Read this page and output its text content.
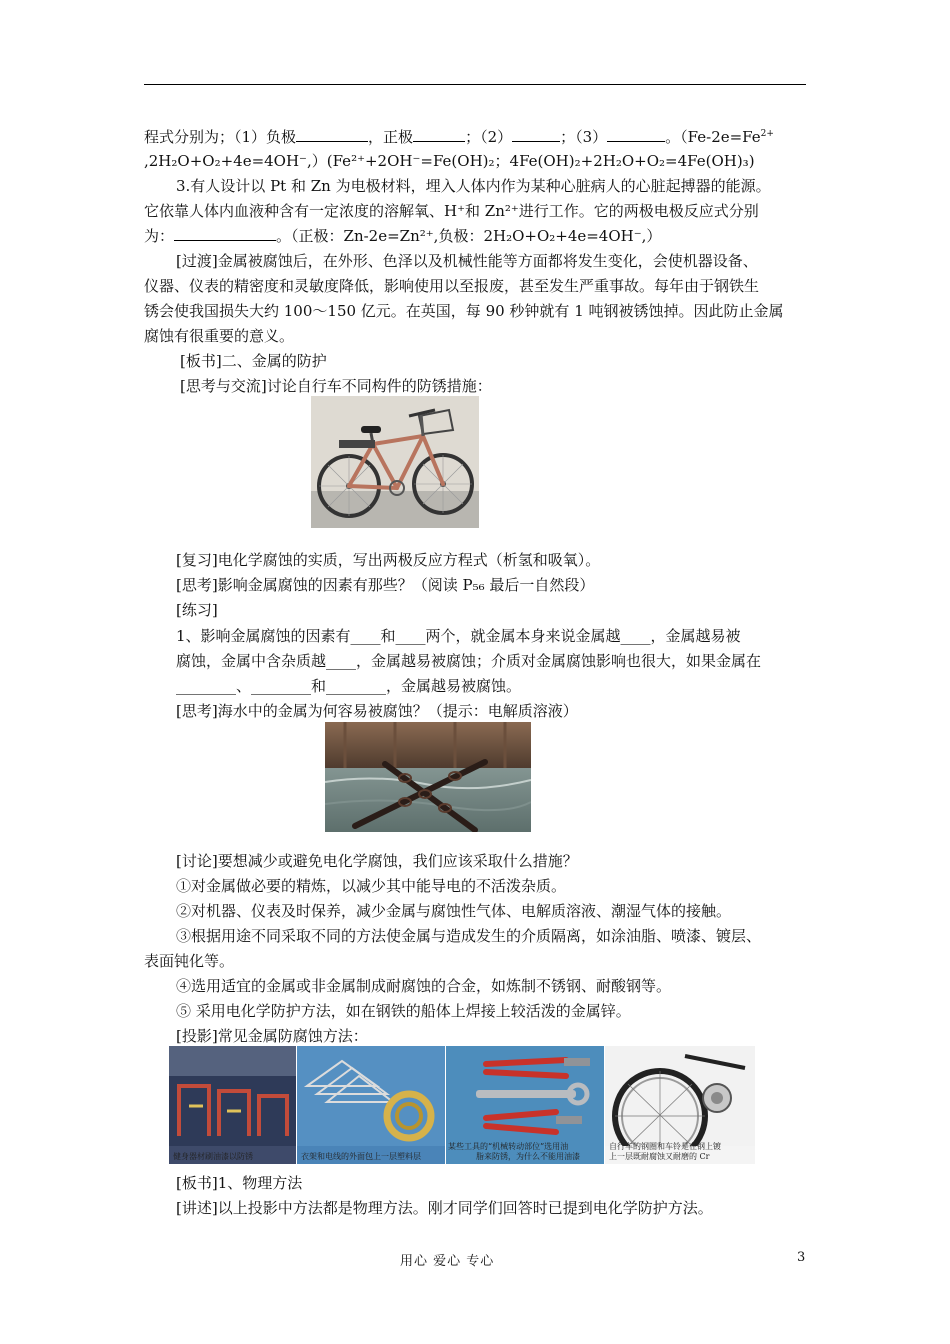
程式分别为；（1）负极	，正极	；（2）	；（3）	。（$Fe-2e=Fe^{2+}$
,2H₂O+O₂+4e=4OH⁻,）(Fe²⁺+2OH⁻=Fe(OH)₂；4Fe(OH)₂+2H₂O+O₂=4Fe(OH)₃)
3.有人设计以 Pt 和 Zn 为电极材料，埋入人体内作为某种心脏病人的心脏起搏器的能源。
它依靠人体内血液种含有一定浓度的溶解氧、H⁺和 Zn²⁺进行工作。它的两极电极反应式分别
为：	。（正极：Zn-2e=Zn²⁺,负极：2H₂O+O₂+4e=4OH⁻,）
[过渡]金属被腐蚀后，在外形、色泽以及机械性能等方面都将发生变化，会使机器设备、
仪器、仪表的精密度和灵敏度降低，影响使用以至报废，甚至发生严重事故。每年由于钢铁生
锈会使我国损失大约 100～150 亿元。在英国，每 90 秒钟就有 1 吨钢被锈蚀掉。因此防止金属
腐蚀有很重要的意义。
[板书]二、金属的防护
[思考与交流]讨论自行车不同构件的防锈措施：
[复习]电化学腐蚀的实质，写出两极反应方程式（析氢和吸氧）。
[思考]影响金属腐蚀的因素有那些？（阅读 P₅₆ 最后一自然段）
[练习]
1、影响金属腐蚀的因素有____和____两个，就金属本身来说金属越____，金属越易被
腐蚀，金属中含杂质越____，金属越易被腐蚀；介质对金属腐蚀影响也很大，如果金属在
________、________和________，金属越易被腐蚀。
[思考]海水中的金属为何容易被腐蚀？（提示：电解质溶液）
[讨论]要想减少或避免电化学腐蚀，我们应该采取什么措施？
①对金属做必要的精炼，以减少其中能导电的不活泼杂质。
②对机器、仪表及时保养，减少金属与腐蚀性气体、电解质溶液、潮湿气体的接触。
③根据用途不同采取不同的方法使金属与造成发生的介质隔离，如涂油脂、喷漆、镀层、
表面钝化等。
④选用适宜的金属或非金属制成耐腐蚀的合金，如炼制不锈钢、耐酸钢等。
⑤ 采用电化学防护方法，如在钢铁的船体上焊接上较活泼的金属锌。
[投影]常见金属防腐蚀方法：
健身器材刷油漆以防锈	衣架和电线的外面包上一层塑料层
某些工具的“机械转动部位”选用油
脂来防锈，为什么不能用油漆
自行车的钢圈和车铃是在钢上镀
上一层既耐腐蚀又耐磨的 Cr
[板书]1、物理方法
[讲述]以上投影中方法都是物理方法。刚才同学们回答时已提到电化学防护方法。
用心 爱心 专心	3
